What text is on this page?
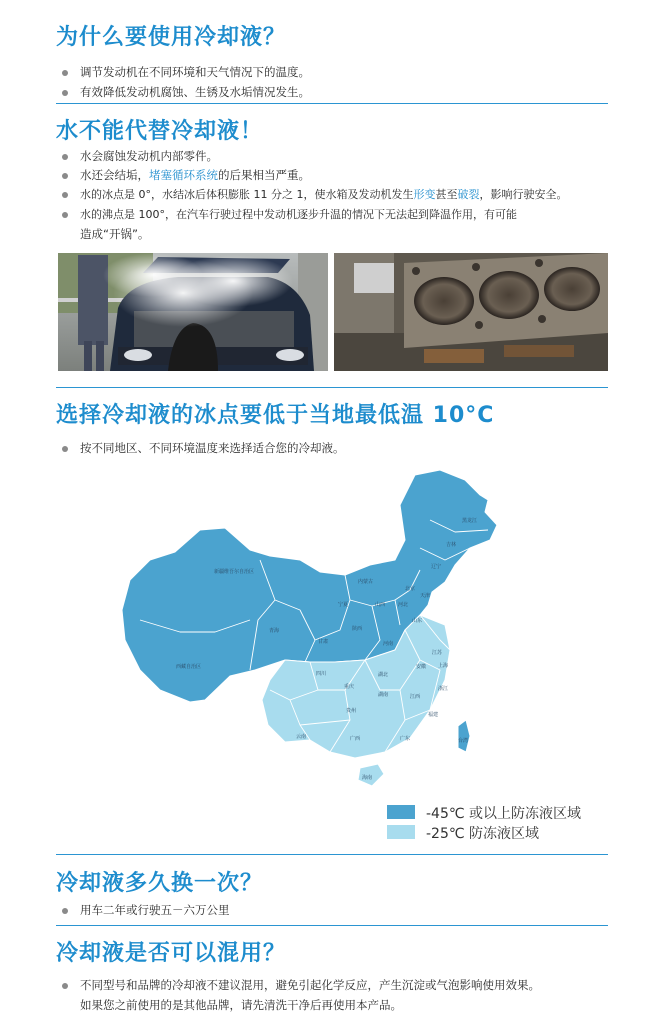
为什么要使用冷却液？
调节发动机在不同环境和天气情况下的温度。
有效降低发动机腐蚀、生锈及水垢情况发生。
水不能代替冷却液！
水会腐蚀发动机内部零件。
水还会结垢，堵塞循环系统的后果相当严重。
水的冰点是 0°，水结冰后体积膨胀 11 分之 1，使水箱及发动机发生形变甚至破裂，影响行驶安全。
水的沸点是 100°，在汽车行驶过程中发动机逐步升温的情况下无法起到降温作用，有可能
造成“开锅”。
选择冷却液的冰点要低于当地最低温 10°C
按不同地区、不同环境温度来选择适合您的冷却液。
黑龙江
吉林
辽宁
内蒙古
新疆维吾尔自治区
西藏自治区
青海
甘肃
宁夏
陕西
山西	河北
北京
天津
山东
河南
江苏
上海
安徽
湖北
四川
重庆
贵州
湖南	江西
浙江
福建
云南	广西	广东	台湾
海南
-45℃ 或以上防冻液区域
-25℃ 防冻液区域
冷却液多久换一次？
用车二年或行驶五－六万公里
冷却液是否可以混用？
不同型号和品牌的冷却液不建议混用，避免引起化学反应，产生沉淀或气泡影响使用效果。
如果您之前使用的是其他品牌，请先清洗干净后再使用本产品。
